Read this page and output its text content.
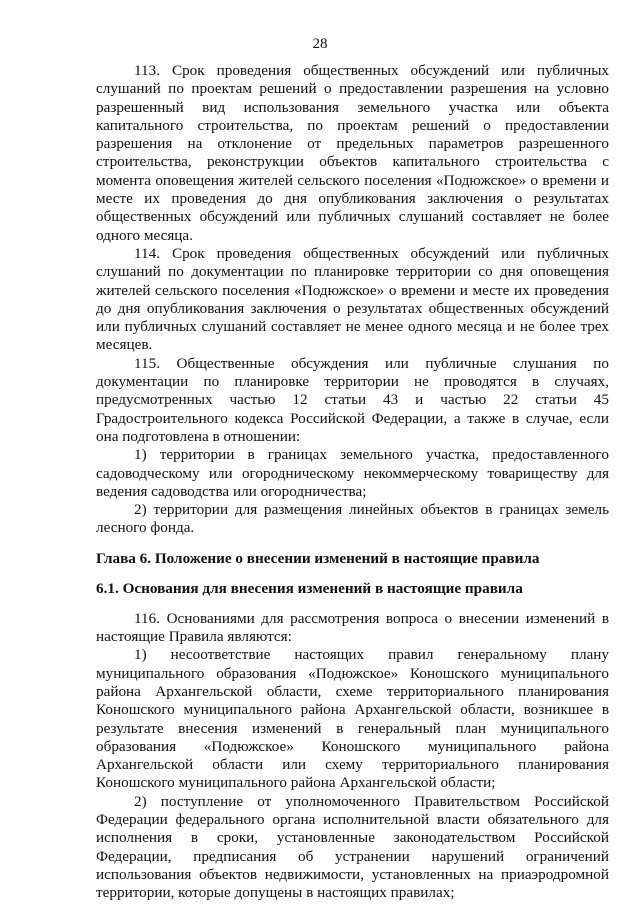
28

113. Срок проведения общественных обсуждений или публичных слушаний по проектам решений о предоставлении разрешения на условно разрешенный вид использования земельного участка или объекта капитального строительства, по проектам решений о предоставлении разрешения на отклонение от предельных параметров разрешенного строительства, реконструкции объектов капитального строительства с момента оповещения жителей сельского поселения «Подюжское» о времени и месте их проведения до дня опубликования заключения о результатах общественных обсуждений или публичных слушаний составляет не более одного месяца.

114. Срок проведения общественных обсуждений или публичных слушаний по документации по планировке территории со дня оповещения жителей сельского поселения «Подюжское» о времени и месте их проведения до дня опубликования заключения о результатах общественных обсуждений или публичных слушаний составляет не менее одного месяца и не более трех месяцев.

115. Общественные обсуждения или публичные слушания по документации по планировке территории не проводятся в случаях, предусмотренных частью 12 статьи 43 и частью 22 статьи 45 Градостроительного кодекса Российской Федерации, а также в случае, если она подготовлена в отношении:

1) территории в границах земельного участка, предоставленного садоводческому или огородническому некоммерческому товариществу для ведения садоводства или огородничества;

2) территории для размещения линейных объектов в границах земель лесного фонда.

Глава 6. Положение о внесении изменений в настоящие правила

6.1. Основания для внесения изменений в настоящие правила

116. Основаниями для рассмотрения вопроса о внесении изменений в настоящие Правила являются:

1) несоответствие настоящих правил генеральному плану муниципального образования «Подюжское» Коношского муниципального района Архангельской области, схеме территориального планирования Коношского муниципального района Архангельской области, возникшее в результате внесения изменений в генеральный план муниципального образования «Подюжское» Коношского муниципального района Архангельской области или схему территориального планирования Коношского муниципального района Архангельской области;

2) поступление от уполномоченного Правительством Российской Федерации федерального органа исполнительной власти обязательного для исполнения в сроки, установленные законодательством Российской Федерации, предписания об устранении нарушений ограничений использования объектов недвижимости, установленных на приаэродромной территории, которые допущены в настоящих правилах;
